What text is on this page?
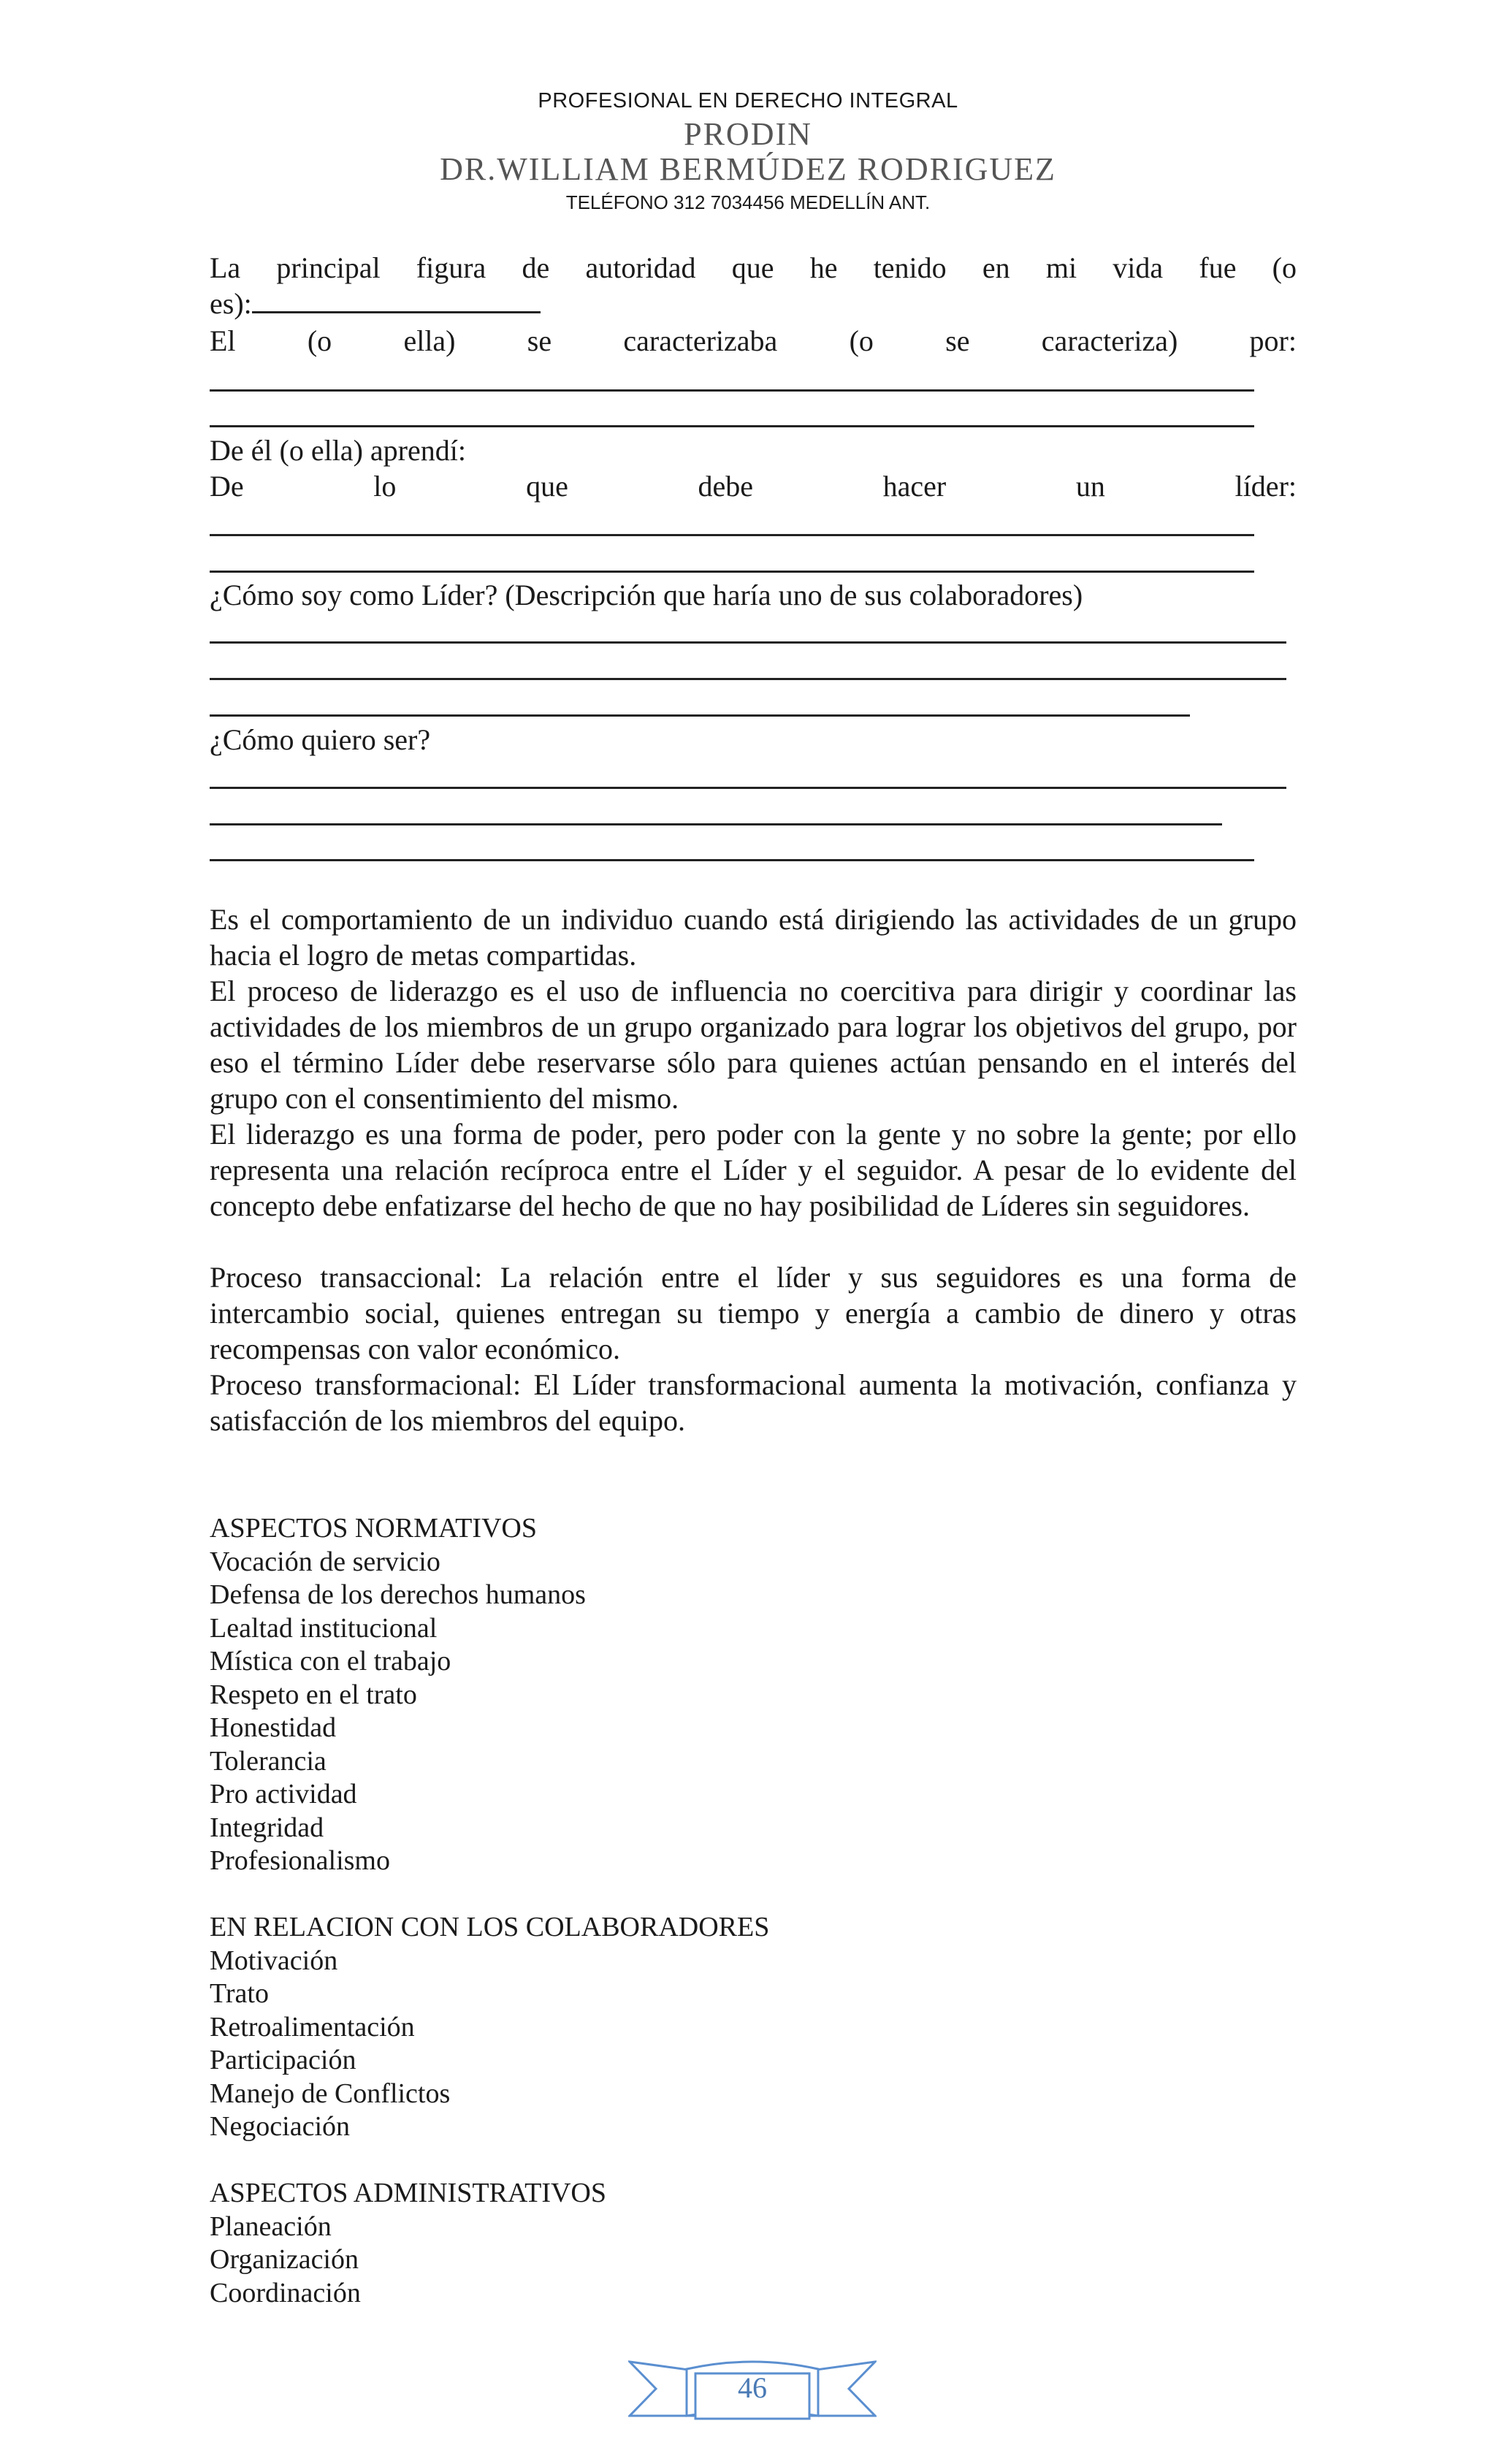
PROFESIONAL EN DERECHO INTEGRAL
PRODIN
DR.WILLIAM BERMÚDEZ RODRIGUEZ
TELÉFONO 312 7034456 MEDELLÍN ANT.
La principal figura de autoridad que he tenido en mi vida fue (o
es):
El (o ella) se caracterizaba (o se caracteriza) por:
De él (o ella) aprendí:
De lo que debe hacer un líder:
¿Cómo soy como Líder? (Descripción que haría uno de sus colaboradores)
¿Cómo quiero ser?
Es el comportamiento de un individuo cuando está dirigiendo las actividades de un grupo hacia el logro de metas compartidas.
El proceso de liderazgo es el uso de influencia no coercitiva para dirigir y coordinar las actividades de los miembros de un grupo organizado para lograr los objetivos del grupo, por eso el término Líder debe reservarse sólo para quienes actúan pensando en el interés del grupo con el consentimiento del mismo.
El liderazgo es una forma de poder, pero poder con la gente y no sobre la gente; por ello representa una relación recíproca entre el Líder y el seguidor. A pesar de lo evidente del concepto debe enfatizarse del hecho de que no hay posibilidad de Líderes sin seguidores.
Proceso transaccional: La relación entre el líder y sus seguidores es una forma de intercambio social, quienes entregan su tiempo y energía a cambio de dinero y otras recompensas con valor económico.
Proceso transformacional: El Líder transformacional aumenta la motivación, confianza y satisfacción de los miembros del equipo.
ASPECTOS NORMATIVOS
Vocación de servicio
Defensa de los derechos humanos
Lealtad institucional
Mística con el trabajo
Respeto en el trato
Honestidad
Tolerancia
Pro actividad
Integridad
Profesionalismo
EN RELACION CON LOS COLABORADORES
Motivación
Trato
Retroalimentación
Participación
Manejo de Conflictos
Negociación
ASPECTOS ADMINISTRATIVOS
Planeación
Organización
Coordinación
46
